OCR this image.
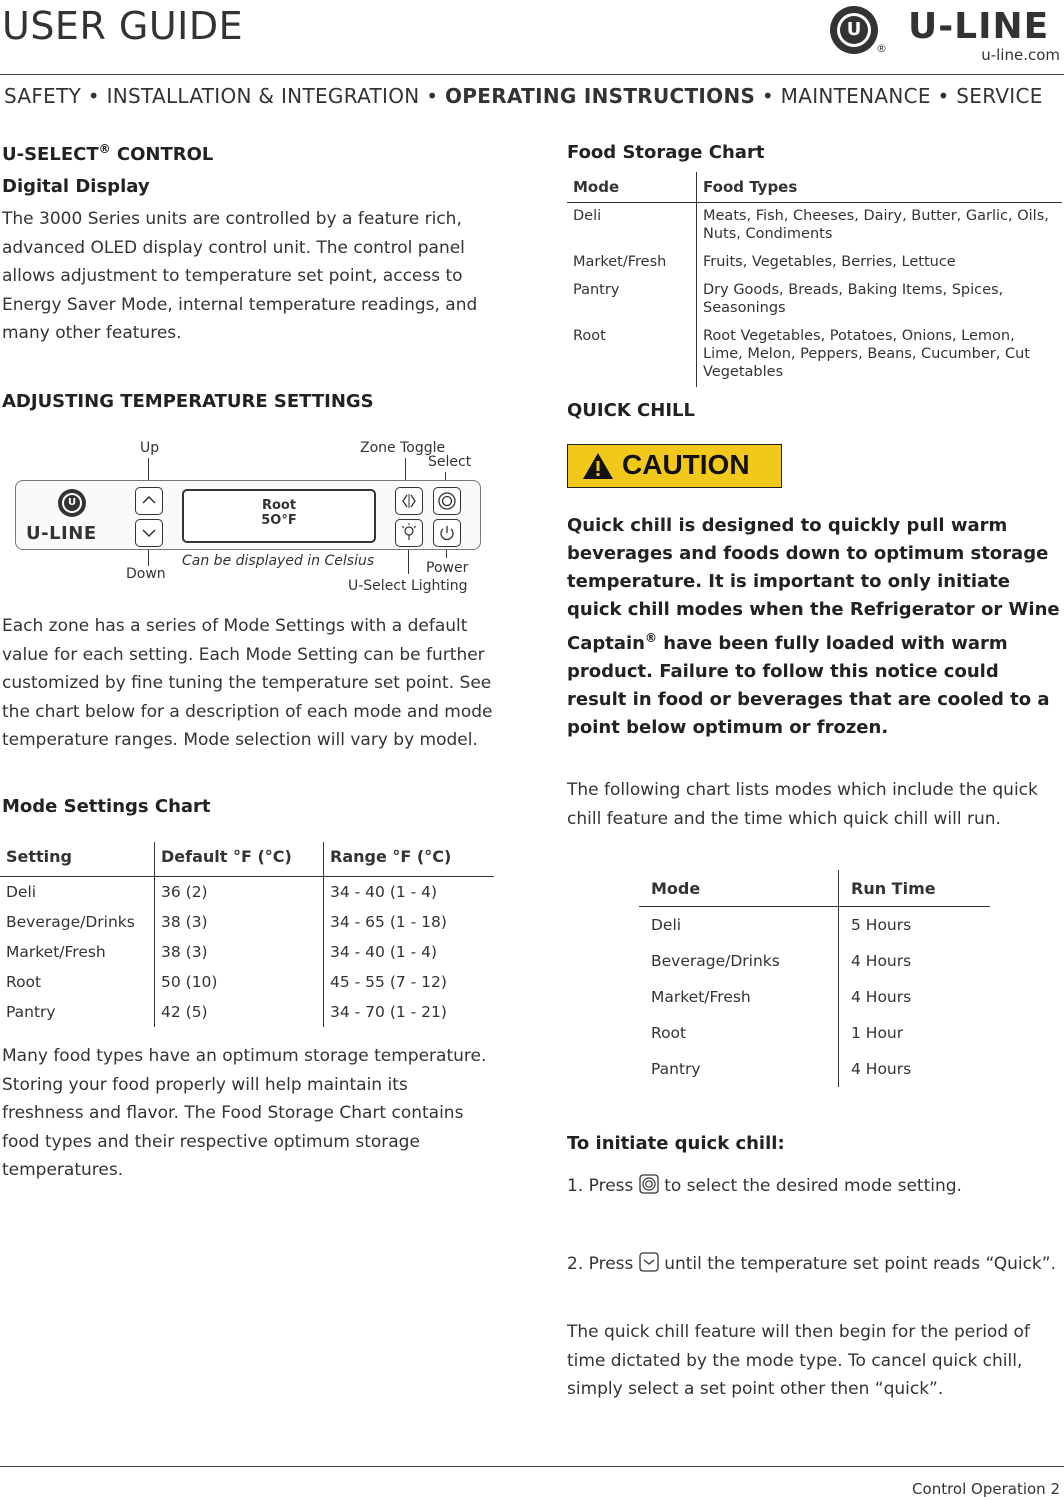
USER GUIDE	U
®
U-LINE
u-line.com
SAFETY • INSTALLATION & INTEGRATION • OPERATING INSTRUCTIONS • MAINTENANCE • SERVICE
U-SELECT® CONTROL
Digital Display
The 3000 Series units are controlled by a feature rich, advanced OLED display control unit. The control panel allows adjustment to temperature set point, access to Energy Saver Mode, internal temperature readings, and many other features.
ADJUSTING TEMPERATURE SETTINGS
Up	Zone Toggle
Select
U
U-LINE
Root
5O°F
Down
Can be displayed in Celsius	Power
U-Select Lighting
Each zone has a series of Mode Settings with a default value for each setting. Each Mode Setting can be further customized by fine tuning the temperature set point. See the chart below for a description of each mode and mode temperature ranges. Mode selection will vary by model.
Mode Settings Chart
Setting	Default °F (°C)	Range °F (°C)
Deli	36 (2)	34 - 40 (1 - 4)
Beverage/Drinks	38 (3)	34 - 65 (1 - 18)
Market/Fresh	38 (3)	34 - 40 (1 - 4)
Root	50 (10)	45 - 55 (7 - 12)
Pantry	42 (5)	34 - 70 (1 - 21)
Many food types have an optimum storage temperature. Storing your food properly will help maintain its freshness and flavor. The Food Storage Chart contains food types and their respective optimum storage temperatures.
Food Storage Chart
Mode	Food Types
Deli	Meats, Fish, Cheeses, Dairy, Butter, Garlic, Oils, Nuts, Condiments
Market/Fresh	Fruits, Vegetables, Berries, Lettuce
Pantry	Dry Goods, Breads, Baking Items, Spices, Seasonings
Root	Root Vegetables, Potatoes, Onions, Lemon, Lime, Melon, Peppers, Beans, Cucumber, Cut Vegetables
QUICK CHILL
CAUTION
Quick chill is designed to quickly pull warm beverages and foods down to optimum storage temperature. It is important to only initiate quick chill modes when the Refrigerator or Wine Captain® have been fully loaded with warm product. Failure to follow this notice could result in food or beverages that are cooled to a point below optimum or frozen.
The following chart lists modes which include the quick chill feature and the time which quick chill will run.
Mode	Run Time
Deli	5 Hours
Beverage/Drinks	4 Hours
Market/Fresh	4 Hours
Root	1 Hour
Pantry	4 Hours
To initiate quick chill:
1. Press to select the desired mode setting.
2. Press until the temperature set point reads “Quick”.
The quick chill feature will then begin for the period of time dictated by the mode type. To cancel quick chill, simply select a set point other then “quick”.
Control Operation 2
